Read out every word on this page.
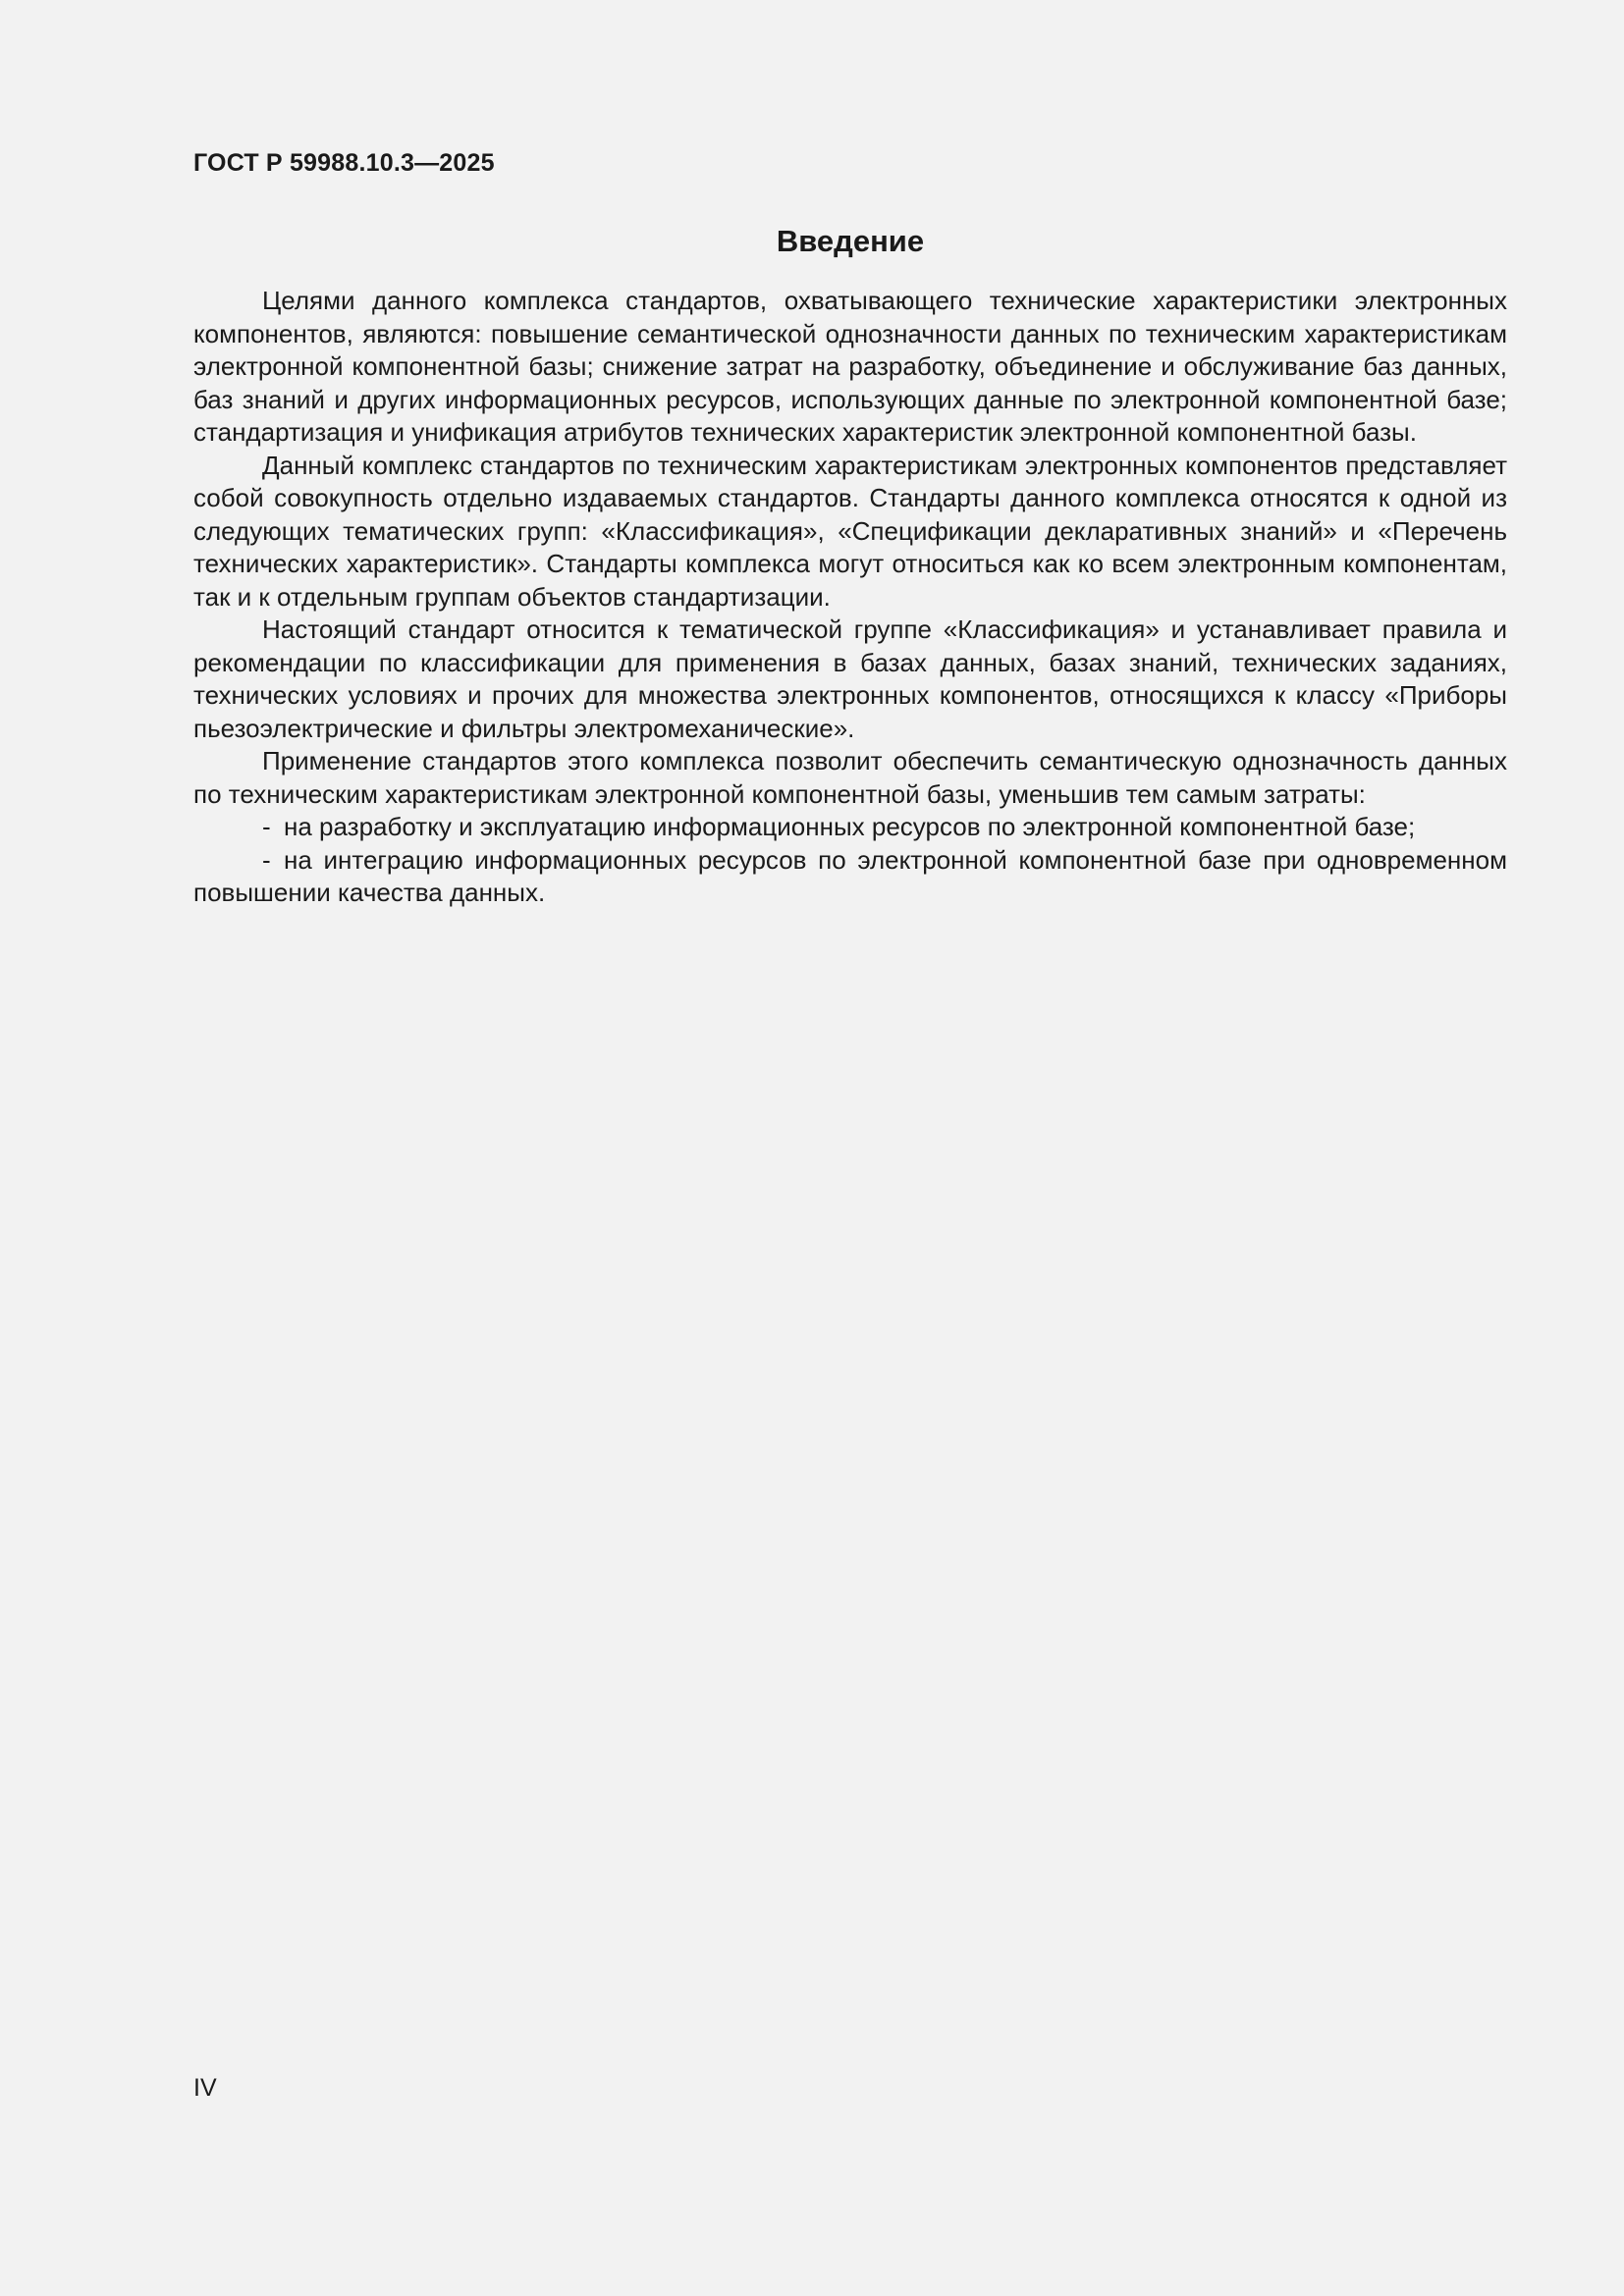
ГОСТ Р 59988.10.3—2025
Введение

Целями данного комплекса стандартов, охватывающего технические характеристики электронных компонентов, являются: повышение семантической однозначности данных по техническим характеристикам электронной компонентной базы; снижение затрат на разработку, объединение и обслуживание баз данных, баз знаний и других информационных ресурсов, использующих данные по электронной компонентной базе; стандартизация и унификация атрибутов технических характеристик электронной компонентной базы.

Данный комплекс стандартов по техническим характеристикам электронных компонентов представляет собой совокупность отдельно издаваемых стандартов. Стандарты данного комплекса относятся к одной из следующих тематических групп: «Классификация», «Спецификации декларативных знаний» и «Перечень технических характеристик». Стандарты комплекса могут относиться как ко всем электронным компонентам, так и к отдельным группам объектов стандартизации.

Настоящий стандарт относится к тематической группе «Классификация» и устанавливает правила и рекомендации по классификации для применения в базах данных, базах знаний, технических заданиях, технических условиях и прочих для множества электронных компонентов, относящихся к классу «Приборы пьезоэлектрические и фильтры электромеханические».

Применение стандартов этого комплекса позволит обеспечить семантическую однозначность данных по техническим характеристикам электронной компонентной базы, уменьшив тем самым затраты:

- на разработку и эксплуатацию информационных ресурсов по электронной компонентной базе;

- на интеграцию информационных ресурсов по электронной компонентной базе при одновременном повышении качества данных.

IV
